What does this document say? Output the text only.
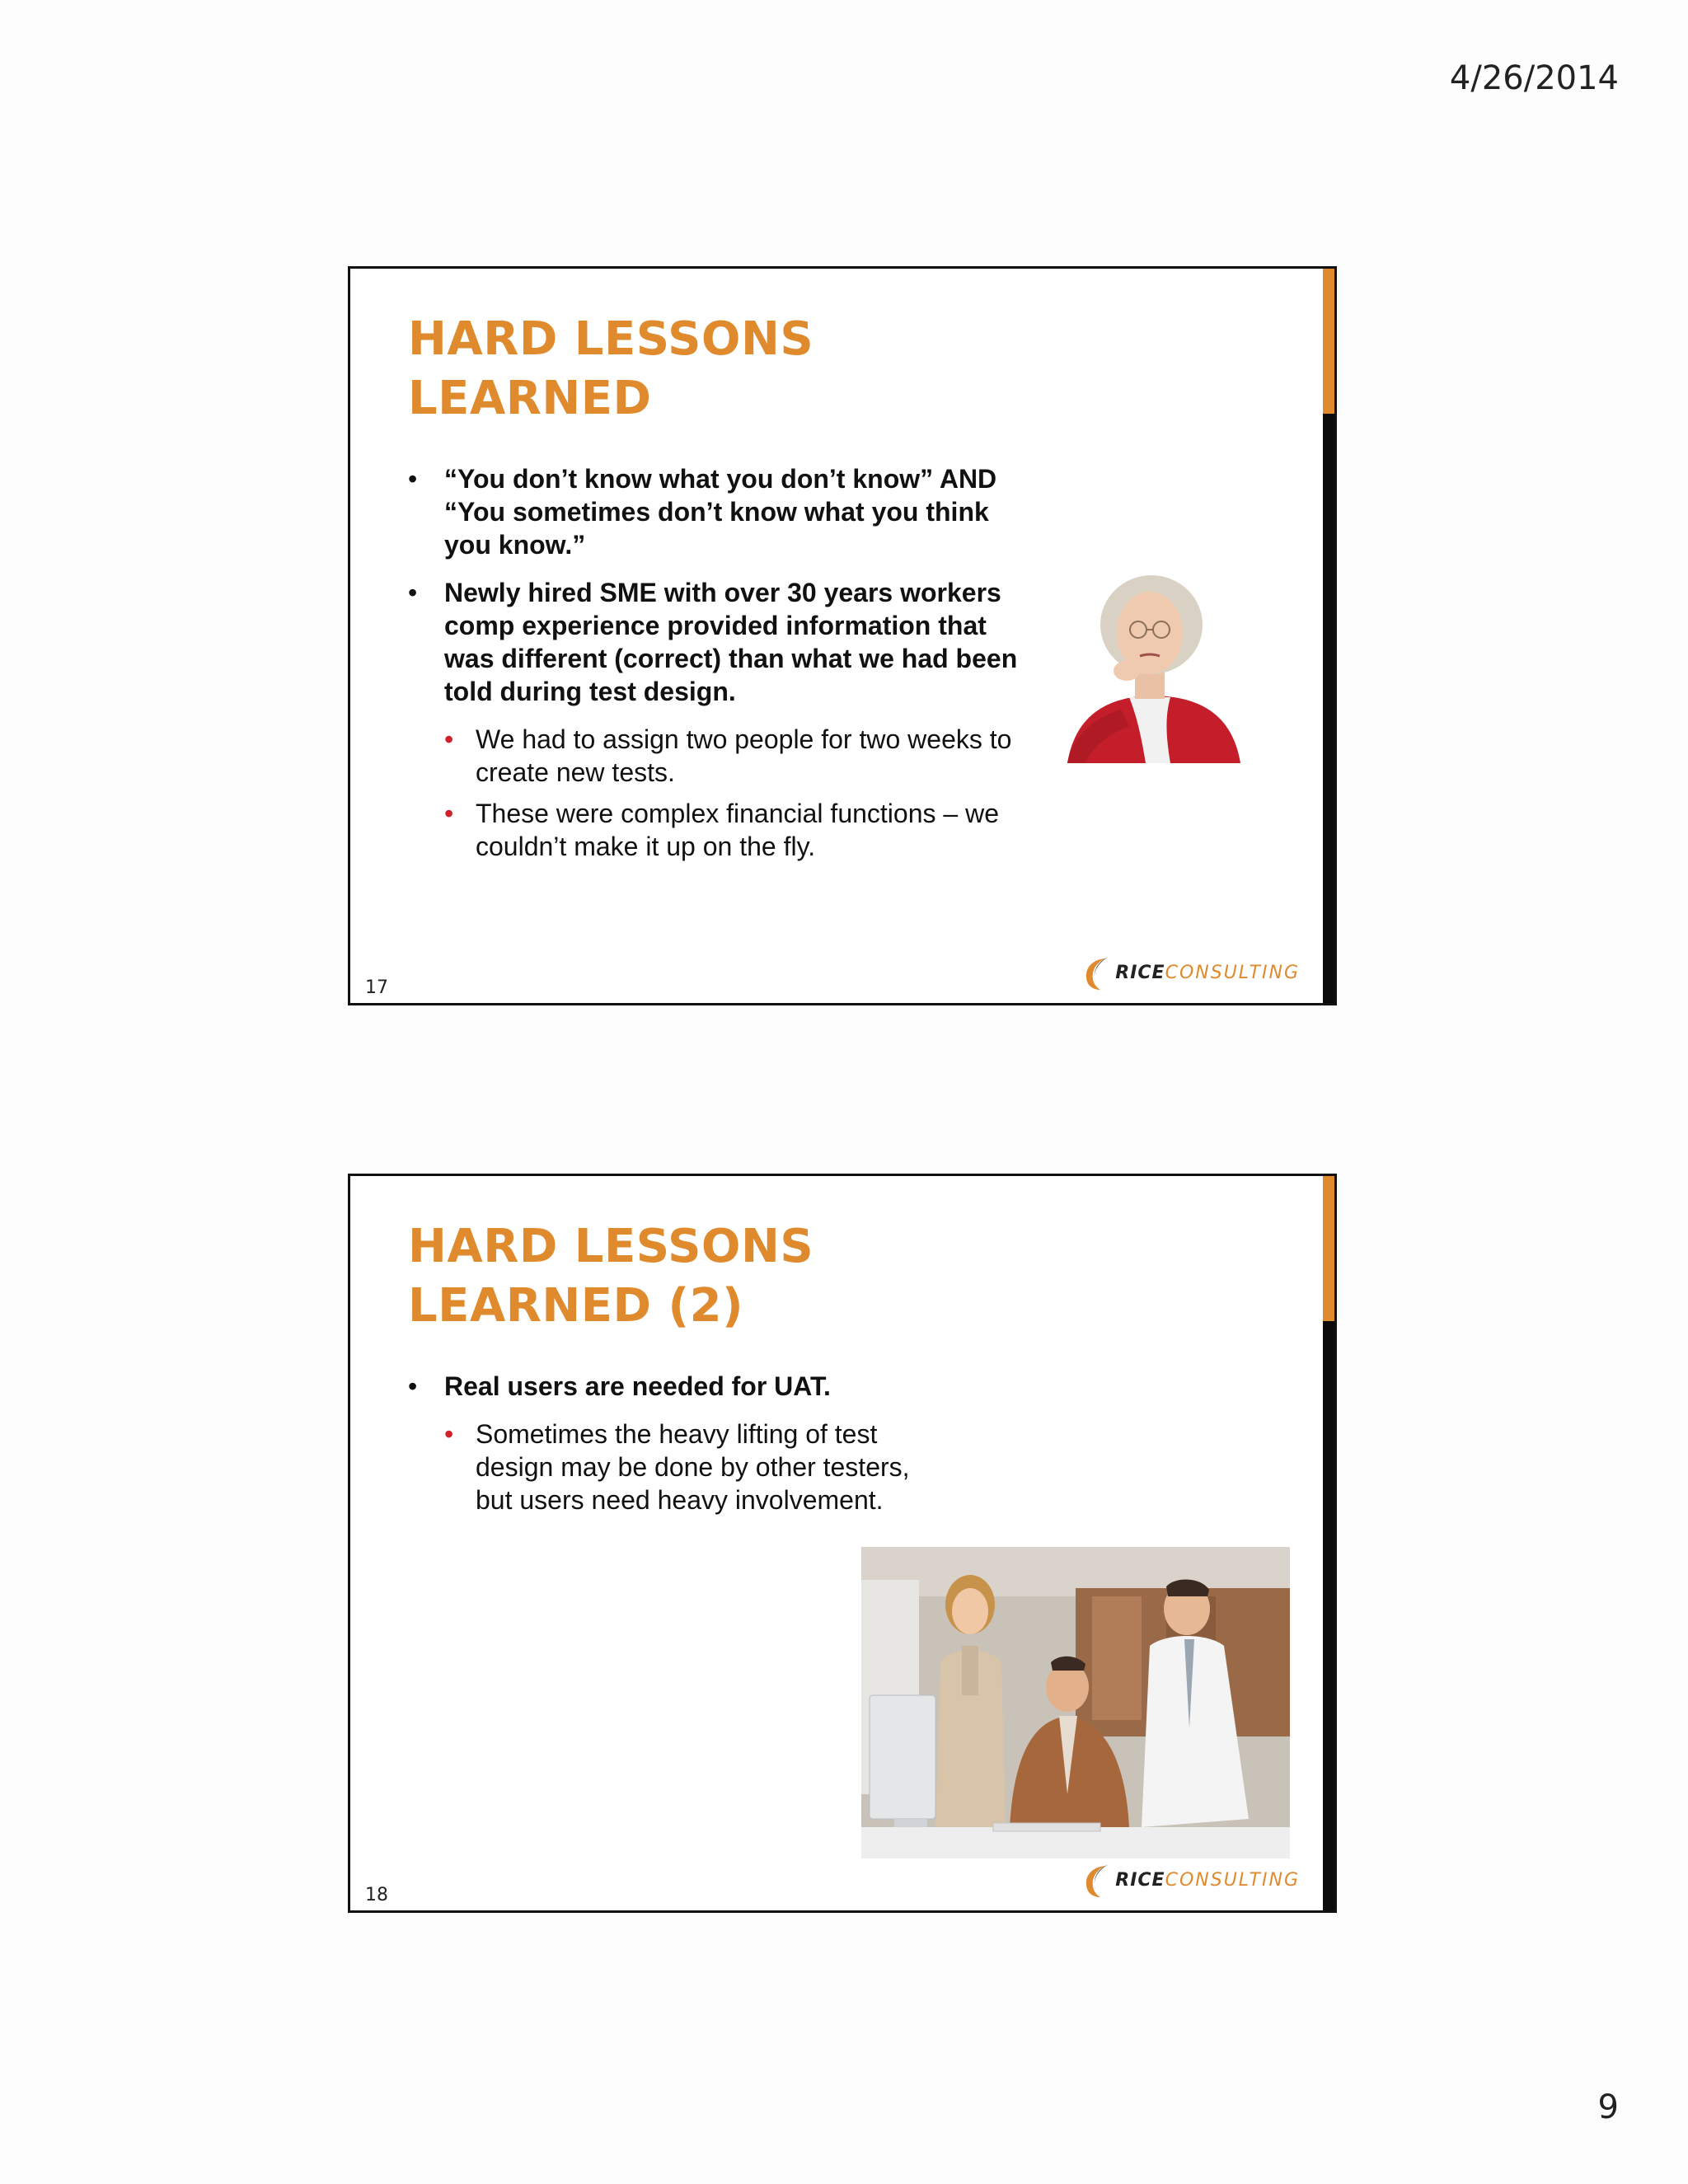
4/26/2014
HARD LESSONS
LEARNED
• “You don’t know what you don’t know” AND “You sometimes don’t know what you think you know.”
• Newly hired SME with over 30 years workers comp experience provided information that was different (correct) than what we had been told during test design.
• We had to assign two people for two weeks to create new tests.
• These were complex financial functions – we couldn’t make it up on the fly.
17
RICE CONSULTING
HARD LESSONS
LEARNED (2)
• Real users are needed for UAT.
• Sometimes the heavy lifting of test design may be done by other testers, but users need heavy involvement.
18
RICE CONSULTING
9
